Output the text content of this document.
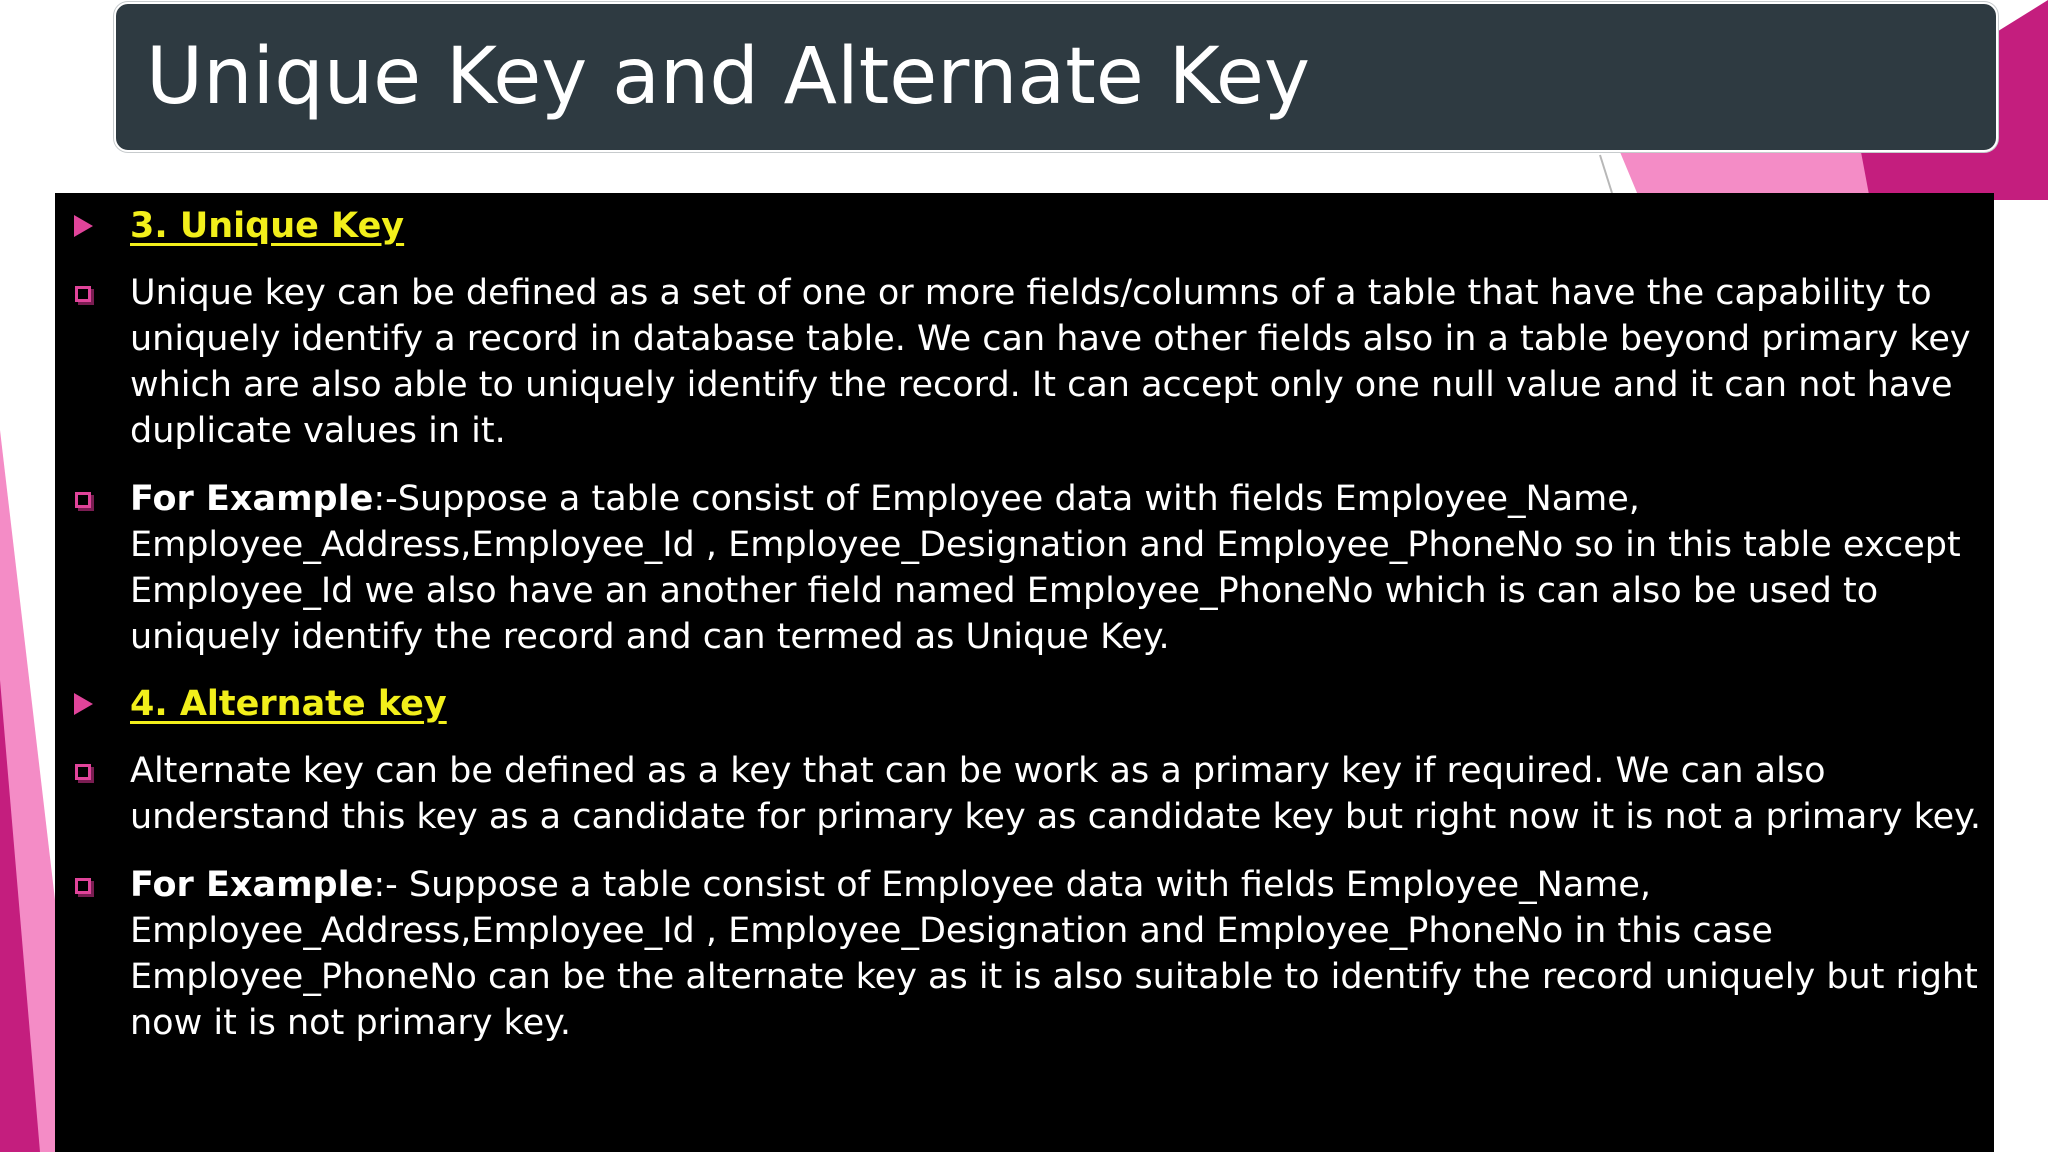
Unique Key and Alternate Key
3. Unique Key
Unique key can be defined as a set of one or more fields/columns of a table that have the capability to uniquely identify a record in database table. We can have other fields also in a table beyond primary key which are also able to uniquely identify the record. It can accept only one null value and it can not have duplicate values in it.
For Example:-Suppose a table consist of Employee data with fields Employee_Name, Employee_Address,Employee_Id , Employee_Designation and Employee_PhoneNo so in this table except Employee_Id we also have an another field named Employee_PhoneNo which is can also be used to uniquely identify the record and can termed as Unique Key.
4. Alternate key
Alternate key can be defined as a key that can be work as a primary key if required. We can also understand this key as a candidate for primary key as candidate key but right now it is not a primary key.
For Example:- Suppose a table consist of Employee data with fields Employee_Name, Employee_Address,Employee_Id , Employee_Designation and Employee_PhoneNo in this case Employee_PhoneNo can be the alternate key as it is also suitable to identify the record uniquely but right now it is not primary key.
